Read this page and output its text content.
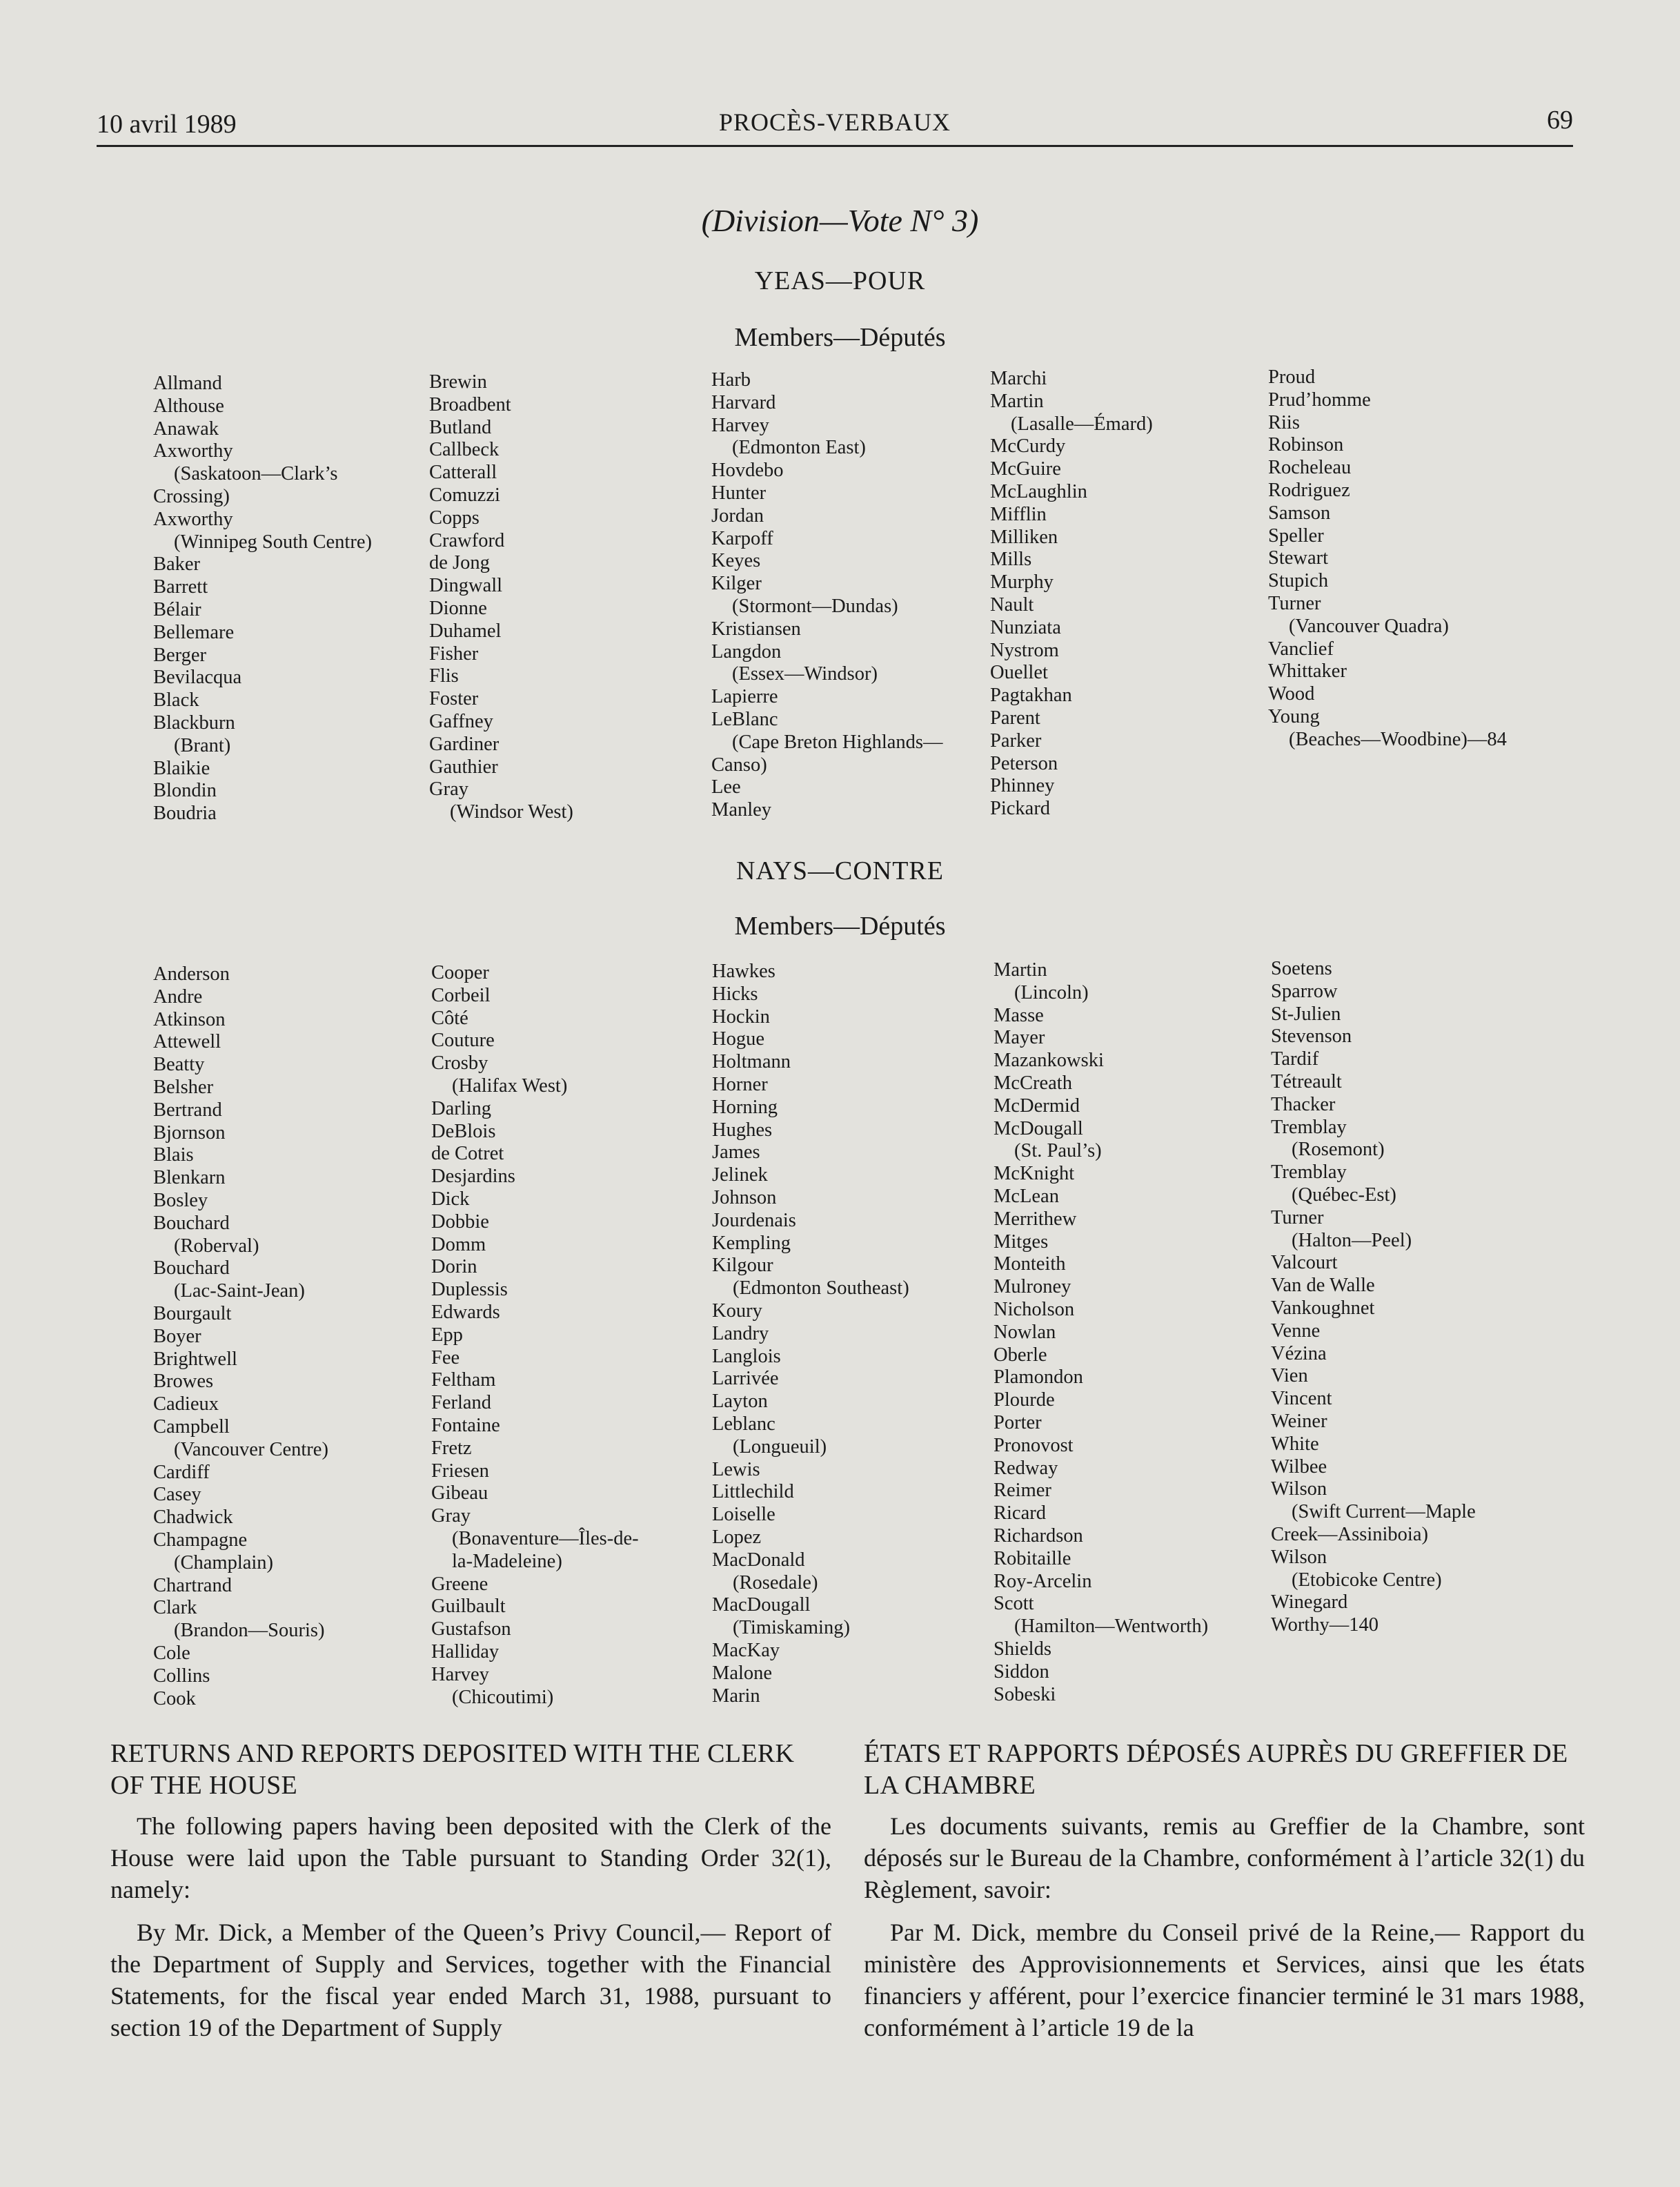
10 avril 1989	PROCÈS-VERBAUX	69
(Division—Vote N° 3)
YEAS—POUR
Members—Députés
Allmand
Althouse
Anawak
Axworthy
(Saskatoon—Clark’s
Crossing)
Axworthy
(Winnipeg South Centre)
Baker
Barrett
Bélair
Bellemare
Berger
Bevilacqua
Black
Blackburn
(Brant)
Blaikie
Blondin
Boudria
Brewin
Broadbent
Butland
Callbeck
Catterall
Comuzzi
Copps
Crawford
de Jong
Dingwall
Dionne
Duhamel
Fisher
Flis
Foster
Gaffney
Gardiner
Gauthier
Gray
(Windsor West)
Harb
Harvard
Harvey
(Edmonton East)
Hovdebo
Hunter
Jordan
Karpoff
Keyes
Kilger
(Stormont—Dundas)
Kristiansen
Langdon
(Essex—Windsor)
Lapierre
LeBlanc
(Cape Breton Highlands—
Canso)
Lee
Manley
Marchi
Martin
(Lasalle—Émard)
McCurdy
McGuire
McLaughlin
Mifflin
Milliken
Mills
Murphy
Nault
Nunziata
Nystrom
Ouellet
Pagtakhan
Parent
Parker
Peterson
Phinney
Pickard
Proud
Prud’homme
Riis
Robinson
Rocheleau
Rodriguez
Samson
Speller
Stewart
Stupich
Turner
(Vancouver Quadra)
Vanclief
Whittaker
Wood
Young
(Beaches—Woodbine)—84
NAYS—CONTRE
Members—Députés
Anderson
Andre
Atkinson
Attewell
Beatty
Belsher
Bertrand
Bjornson
Blais
Blenkarn
Bosley
Bouchard
(Roberval)
Bouchard
(Lac-Saint-Jean)
Bourgault
Boyer
Brightwell
Browes
Cadieux
Campbell
(Vancouver Centre)
Cardiff
Casey
Chadwick
Champagne
(Champlain)
Chartrand
Clark
(Brandon—Souris)
Cole
Collins
Cook
Cooper
Corbeil
Côté
Couture
Crosby
(Halifax West)
Darling
DeBlois
de Cotret
Desjardins
Dick
Dobbie
Domm
Dorin
Duplessis
Edwards
Epp
Fee
Feltham
Ferland
Fontaine
Fretz
Friesen
Gibeau
Gray
(Bonaventure—Îles-de-
la-Madeleine)
Greene
Guilbault
Gustafson
Halliday
Harvey
(Chicoutimi)
Hawkes
Hicks
Hockin
Hogue
Holtmann
Horner
Horning
Hughes
James
Jelinek
Johnson
Jourdenais
Kempling
Kilgour
(Edmonton Southeast)
Koury
Landry
Langlois
Larrivée
Layton
Leblanc
(Longueuil)
Lewis
Littlechild
Loiselle
Lopez
MacDonald
(Rosedale)
MacDougall
(Timiskaming)
MacKay
Malone
Marin
Martin
(Lincoln)
Masse
Mayer
Mazankowski
McCreath
McDermid
McDougall
(St. Paul’s)
McKnight
McLean
Merrithew
Mitges
Monteith
Mulroney
Nicholson
Nowlan
Oberle
Plamondon
Plourde
Porter
Pronovost
Redway
Reimer
Ricard
Richardson
Robitaille
Roy-Arcelin
Scott
(Hamilton—Wentworth)
Shields
Siddon
Sobeski
Soetens
Sparrow
St-Julien
Stevenson
Tardif
Tétreault
Thacker
Tremblay
(Rosemont)
Tremblay
(Québec-Est)
Turner
(Halton—Peel)
Valcourt
Van de Walle
Vankoughnet
Venne
Vézina
Vien
Vincent
Weiner
White
Wilbee
Wilson
(Swift Current—Maple
Creek—Assiniboia)
Wilson
(Etobicoke Centre)
Winegard
Worthy—140
RETURNS AND REPORTS DEPOSITED WITH THE CLERK OF THE HOUSE

The following papers having been deposited with the Clerk of the House were laid upon the Table pursuant to Standing Order 32(1), namely:

By Mr. Dick, a Member of the Queen’s Privy Council,— Report of the Department of Supply and Services, together with the Financial Statements, for the fiscal year ended March 31, 1988, pursuant to section 19 of the Department of Supply

ÉTATS ET RAPPORTS DÉPOSÉS AUPRÈS DU GREFFIER DE LA CHAMBRE

Les documents suivants, remis au Greffier de la Chambre, sont déposés sur le Bureau de la Chambre, conformément à l’article 32(1) du Règlement, savoir:

Par M. Dick, membre du Conseil privé de la Reine,— Rapport du ministère des Approvisionnements et Services, ainsi que les états financiers y afférent, pour l’exercice financier terminé le 31 mars 1988, conformément à l’article 19 de la
